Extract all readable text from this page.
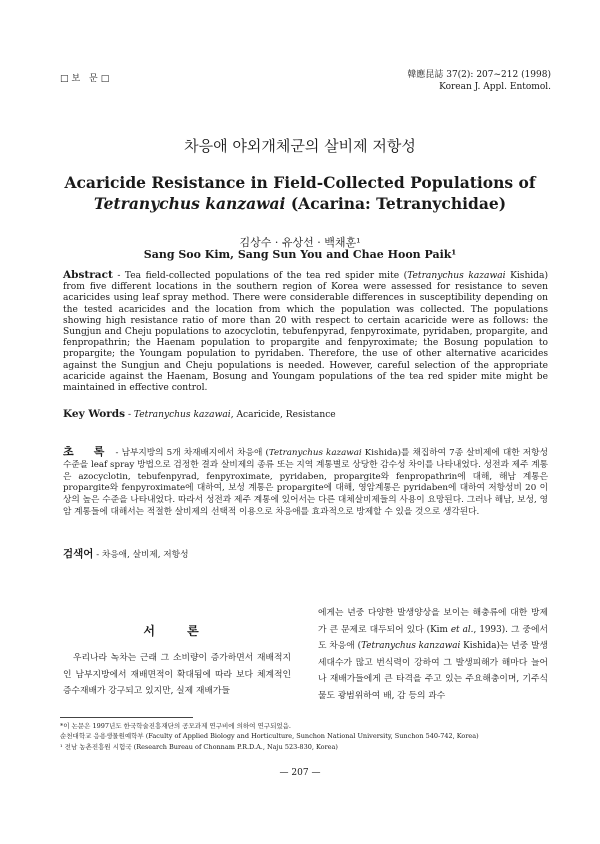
□보 문□	韓應昆誌 37(2): 207~212 (1998)
Korean J. Appl. Entomol.
차응애 야외개체군의 살비제 저항성
Acaricide Resistance in Field-Collected Populations of
Tetranychus kanzawai (Acarina: Tetranychidae)
김상수 · 유상선 · 백채훈¹
Sang Soo Kim, Sang Sun You and Chae Hoon Paik¹
Abstract - Tea field-collected populations of the tea red spider mite (Tetranychus kazawai Kishida) from five different locations in the southern region of Korea were assessed for resistance to seven acaricides using leaf spray method. There were considerable differences in susceptibility depending on the tested acaricides and the location from which the population was collected. The populations showing high resistance ratio of more than 20 with respect to certain acaricide were as follows: the Sungjun and Cheju populations to azocyclotin, tebufenpyrad, fenpyroximate, pyridaben, propargite, and fenpropathrin; the Haenam population to propargite and fenpyroximate; the Bosung population to propargite; the Youngam population to pyridaben. Therefore, the use of other alternative acaricides against the Sungjun and Cheju populations is needed. However, careful selection of the appropriate acaricide against the Haenam, Bosung and Youngam populations of the tea red spider mite might be maintained in effective control.
Key Words - Tetranychus kazawai, Acaricide, Resistance
초 록 - 남부지방의 5개 차재배지에서 차응애 (Tetranychus kazawai Kishida)를 채집하여 7종 살비제에 대한 저항성 수준을 leaf spray 방법으로 검정한 결과 살비제의 종류 또는 지역 계통별로 상당한 감수성 차이를 나타내었다. 성전과 제주 계통은 azocyclotin, tebufenpyrad, fenpyroximate, pyridaben, propargite와 fenpropathrin에 대해, 해남 계통은 propargite와 fenpyroximate에 대하여, 보성 계통은 propargite에 대해, 영암계통은 pyridaben에 대하여 저항성비 20 이상의 높은 수준을 나타내었다. 따라서 성전과 제주 계통에 있어서는 다른 대체살비제들의 사용이 요망된다. 그러나 해남, 보성, 영암 계통들에 대해서는 적절한 살비제의 선택적 이용으로 차응애를 효과적으로 방제할 수 있을 것으로 생각된다.
검색어 - 차응애, 살비제, 저항성
서 론
우리나라 녹차는 근래 그 소비량이 증가하면서 재배적지인 남부지방에서 재배면적이 확대됨에 따라 보다 체계적인 증수재배가 강구되고 있지만, 실제 재배가들
에게는 년중 다양한 발생양상을 보이는 해충류에 대한 방제가 큰 문제로 대두되어 있다 (Kim et al., 1993). 그 중에서도 차응애 (Tetranychus kanzawai Kishida)는 년중 발생 세대수가 많고 번식력이 강하여 그 발생피해가 해마다 늘어나 재배가들에게 큰 타격을 주고 있는 주요해충이며, 기주식물도 광범위하여 배, 감 등의 과수
*이 논문은 1997년도 한국학술진흥재단의 공모과제 연구비에 의하여 연구되었음.
순천대학교 응용생물원예학부 (Faculty of Applied Biology and Horticulture, Sunchon National University, Sunchon 540-742, Korea)
¹ 전남 농촌진흥원 시험국 (Research Bureau of Chonnam P.R.D.A., Naju 523-830, Korea)
— 207 —
